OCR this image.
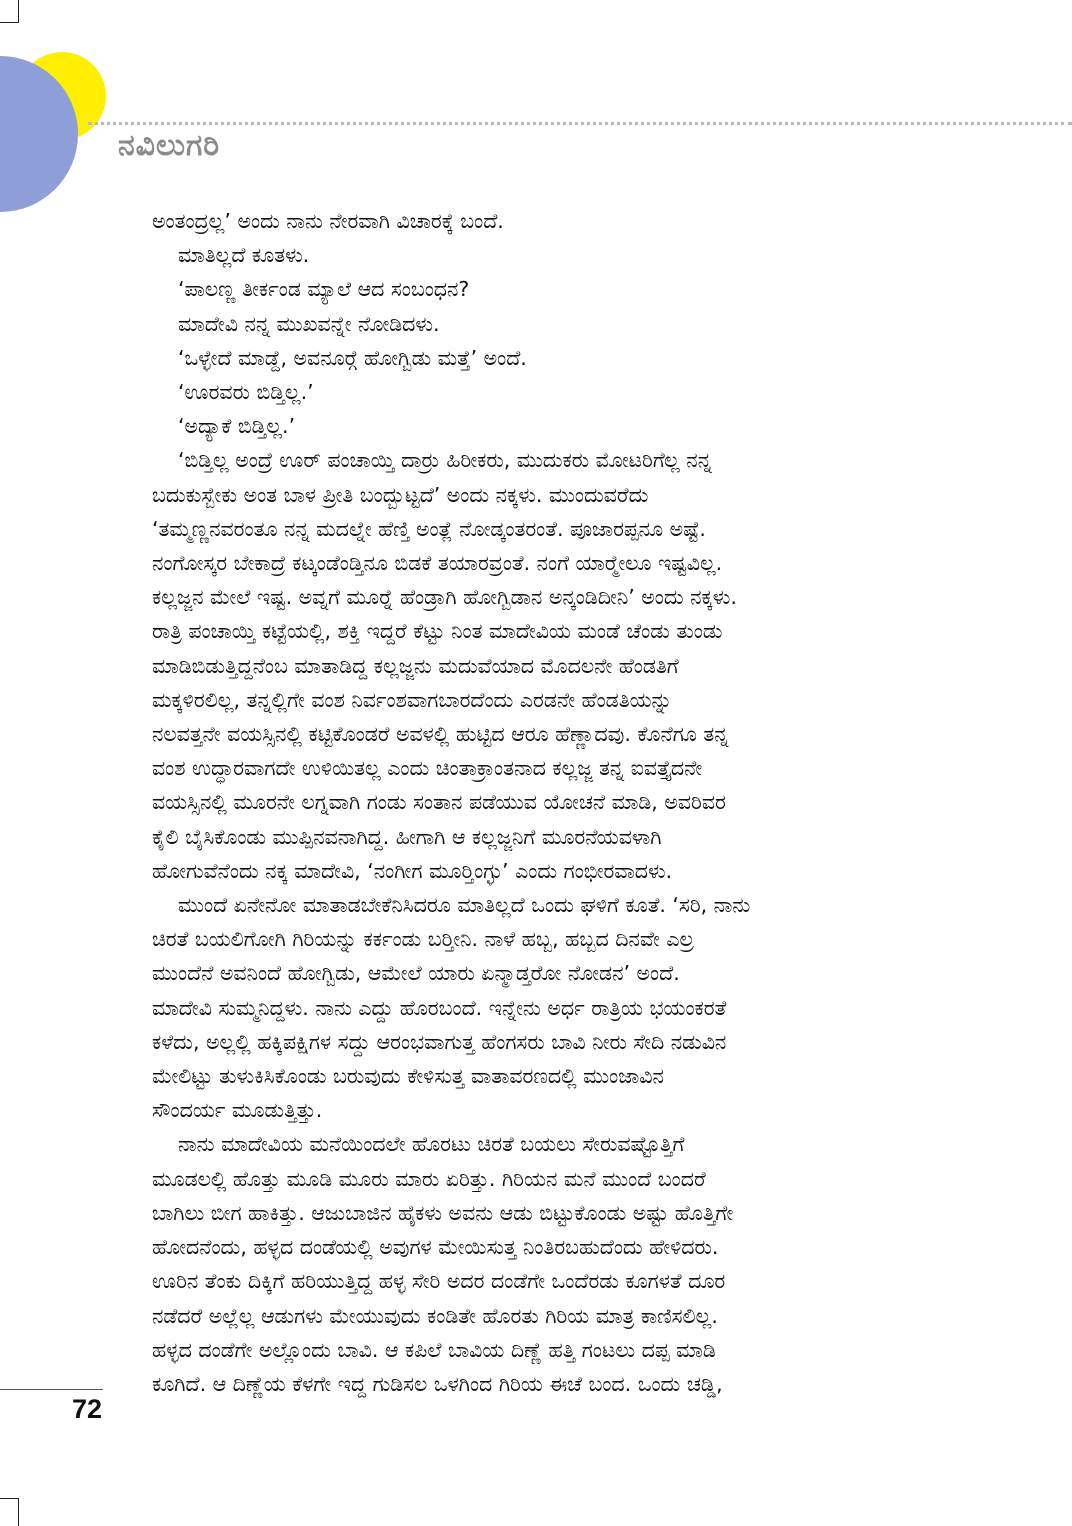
ನವಿಲುಗರಿ

ಅಂತಂದ್ರಲ್ಲ’ ಅಂದು ನಾನು ನೇರವಾಗಿ ವಿಚಾರಕ್ಕೆ ಬಂದೆ.

ಮಾತಿಲ್ಲದೆ ಕೂತಳು.

‘ಪಾಲಣ್ಣ ತೀರ್ಕಂಡ ಮ್ಯಾಲೆ ಆದ ಸಂಬಂಧನ?

ಮಾದೇವಿ ನನ್ನ ಮುಖವನ್ನೇ ನೋಡಿದಳು.

‘ಒಳ್ಳೇದೆ ಮಾಡ್ದೆ, ಅವನೂರ್‍ಗೆ ಹೋಗ್ಬಿಡು ಮತ್ತೆ’ ಅಂದೆ.

‘ಊರವರು ಬಿಡ್ತಿಲ್ಲ.’

‘ಅದ್ಯಾಕೆ ಬಿಡ್ತಿಲ್ಲ.’

‘ಬಿಡ್ತಿಲ್ಲ ಅಂದ್ರೆ ಊರ್ ಪಂಚಾಯ್ತಿ ದಾರ್‍ರು ಹಿರೀಕರು, ಮುದುಕರು ಮೋಟರಿಗೆಲ್ಲ ನನ್ನ

ಬದುಕುಸ್ಬೇಕು ಅಂತ ಬಾಳ ಪ್ರೀತಿ ಬಂದ್ಬುಟ್ಟದೆ’ ಅಂದು ನಕ್ಕಳು. ಮುಂದುವರೆದು

‘ತಮ್ಮಣ್ಣನವರಂತೂ ನನ್ನ ಮದಲ್ನೇ ಹೆಣ್ತಿ ಅಂತ್ಲೆ ನೋಡ್ಕಂತರಂತೆ. ಪೂಜಾರಪ್ಪನೂ ಅಷ್ಟೆ.

ನಂಗೋಸ್ಕರ ಬೇಕಾದ್ರೆ ಕಟ್ಕಂಡೆಂಡ್ತಿನೂ ಬಿಡಕೆ ತಯಾರವ್ರಂತೆ. ನಂಗೆ ಯಾರ್‍ಮೇಲೂ ಇಷ್ಟವಿಲ್ಲ.

ಕಲ್ಲಜ್ಜನ ಮೇಲೆ ಇಷ್ಟ. ಅವ್ನಗೆ ಮೂರ್‍ನೆ ಹೆಂಡ್ರಾಗಿ ಹೋಗ್ಬಿಡಾನ ಅನ್ಕಂಡಿದೀನಿ’ ಅಂದು ನಕ್ಕಳು.

ರಾತ್ರಿ ಪಂಚಾಯ್ತಿ ಕಟ್ಟೆಯಲ್ಲಿ, ಶಕ್ತಿ ಇದ್ದರೆ ಕೆಟ್ಟು ನಿಂತ ಮಾದೇವಿಯ ಮಂಡೆ ಚೆಂಡು ತುಂಡು

ಮಾಡಿಬಿಡುತ್ತಿದ್ದನೆಂಬ ಮಾತಾಡಿದ್ದ ಕಲ್ಲಜ್ಜನು ಮದುವೆಯಾದ ಮೊದಲನೇ ಹೆಂಡತಿಗೆ

ಮಕ್ಕಳಿರಲಿಲ್ಲ, ತನ್ನಲ್ಲಿಗೇ ವಂಶ ನಿರ್ವಂಶವಾಗಬಾರದೆಂದು ಎರಡನೇ ಹೆಂಡತಿಯನ್ನು

ನಲವತ್ತನೇ ವಯಸ್ಸಿನಲ್ಲಿ ಕಟ್ಟಿಕೊಂಡರೆ ಅವಳಲ್ಲಿ ಹುಟ್ಟಿದ ಆರೂ ಹೆಣ್ಣಾದವು. ಕೊನೆಗೂ ತನ್ನ

ವಂಶ ಉದ್ಧಾರವಾಗದೇ ಉಳಿಯಿತಲ್ಲ ಎಂದು ಚಿಂತಾಕ್ರಾಂತನಾದ ಕಲ್ಲಜ್ಜ ತನ್ನ ಐವತ್ತೈದನೇ

ವಯಸ್ಸಿನಲ್ಲಿ ಮೂರನೇ ಲಗ್ನವಾಗಿ ಗಂಡು ಸಂತಾನ ಪಡೆಯುವ ಯೋಚನೆ ಮಾಡಿ, ಅವರಿವರ

ಕೈಲಿ ಬೈಸಿಕೊಂಡು ಮುಪ್ಪಿನವನಾಗಿದ್ದ. ಹೀಗಾಗಿ ಆ ಕಲ್ಲಜ್ಜನಿಗೆ ಮೂರನೆಯವಳಾಗಿ

ಹೋಗುವೆನೆಂದು ನಕ್ಕ ಮಾದೇವಿ, ‘ನಂಗೀಗ ಮೂರ್‍ತಿಂಗ್ಳು’ ಎಂದು ಗಂಭೀರವಾದಳು.

ಮುಂದೆ ಏನೇನೋ ಮಾತಾಡಬೇಕೆನಿಸಿದರೂ ಮಾತಿಲ್ಲದೆ ಒಂದು ಘಳಿಗೆ ಕೂತೆ. ‘ಸರಿ, ನಾನು

ಚಿರತೆ ಬಯಲಿಗೋಗಿ ಗಿರಿಯನ್ನು ಕರ್ಕಂಡು ಬರ್‍ತೀನಿ. ನಾಳೆ ಹಬ್ಬ, ಹಬ್ಬದ ದಿನವೇ ಎಲ್ರ

ಮುಂದೆನೆ ಅವನಿಂದೆ ಹೋಗ್ಬಿಡು, ಆಮೇಲೆ ಯಾರು ಏನ್ಮಾಡ್ತರೋ ನೋಡನ’ ಅಂದೆ.

ಮಾದೇವಿ ಸುಮ್ಮನಿದ್ದಳು. ನಾನು ಎದ್ದು ಹೊರಬಂದೆ. ಇನ್ನೇನು ಅರ್ಧ ರಾತ್ರಿಯ ಭಯಂಕರತೆ

ಕಳೆದು, ಅಲ್ಲಲ್ಲಿ ಹಕ್ಕಿಪಕ್ಷಿಗಳ ಸದ್ದು ಆರಂಭವಾಗುತ್ತ ಹೆಂಗಸರು ಬಾವಿ ನೀರು ಸೇದಿ ನಡುವಿನ

ಮೇಲಿಟ್ಟು ತುಳುಕಿಸಿಕೊಂಡು ಬರುವುದು ಕೇಳಿಸುತ್ತ ವಾತಾವರಣದಲ್ಲಿ ಮುಂಜಾವಿನ

ಸೌಂದರ್ಯ ಮೂಡುತ್ತಿತ್ತು.

ನಾನು ಮಾದೇವಿಯ ಮನೆಯಿಂದಲೇ ಹೊರಟು ಚಿರತೆ ಬಯಲು ಸೇರುವಷ್ಟೊತ್ತಿಗೆ

ಮೂಡಲಲ್ಲಿ ಹೊತ್ತು ಮೂಡಿ ಮೂರು ಮಾರು ಏರಿತ್ತು. ಗಿರಿಯನ ಮನೆ ಮುಂದೆ ಬಂದರೆ

ಬಾಗಿಲು ಬೀಗ ಹಾಕಿತ್ತು. ಆಜುಬಾಜಿನ ಹೈಕಳು ಅವನು ಆಡು ಬಿಟ್ಟುಕೊಂಡು ಅಷ್ಟು ಹೊತ್ತಿಗೇ

ಹೋದನೆಂದು, ಹಳ್ಳದ ದಂಡೆಯಲ್ಲಿ ಅವುಗಳ ಮೇಯಿಸುತ್ತ ನಿಂತಿರಬಹುದೆಂದು ಹೇಳಿದರು.

ಊರಿನ ತೆಂಕು ದಿಕ್ಕಿಗೆ ಹರಿಯುತ್ತಿದ್ದ ಹಳ್ಳ ಸೇರಿ ಅದರ ದಂಡೆಗೇ ಒಂದೆರಡು ಕೂಗಳತೆ ದೂರ

ನಡೆದರೆ ಅಲ್ಲೆಲ್ಲ ಆಡುಗಳು ಮೇಯುವುದು ಕಂಡಿತೇ ಹೊರತು ಗಿರಿಯ ಮಾತ್ರ ಕಾಣಿಸಲಿಲ್ಲ.

ಹಳ್ಳದ ದಂಡೆಗೇ ಅಲ್ಲೊಂದು ಬಾವಿ. ಆ ಕಪಿಲೆ ಬಾವಿಯ ದಿಣ್ಣೆ ಹತ್ತಿ ಗಂಟಲು ದಪ್ಪ ಮಾಡಿ

ಕೂಗಿದೆ. ಆ ದಿಣ್ಣೆಯ ಕೆಳಗೇ ಇದ್ದ ಗುಡಿಸಲ ಒಳಗಿಂದ ಗಿರಿಯ ಈಚೆ ಬಂದ. ಒಂದು ಚಡ್ಡಿ,

72
